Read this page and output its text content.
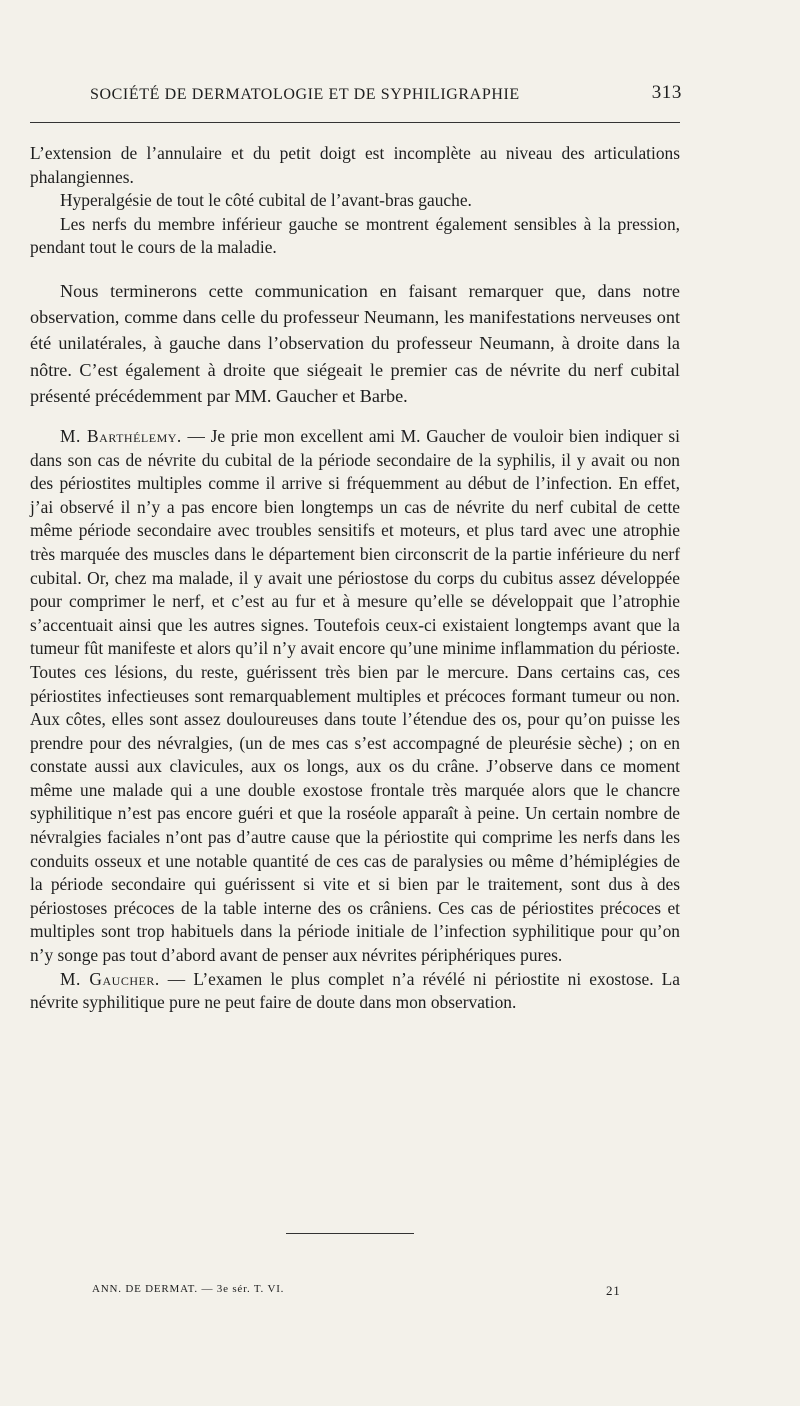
SOCIÉTÉ DE DERMATOLOGIE ET DE SYPHILIGRAPHIE	313

L’extension de l’annulaire et du petit doigt est incomplète au niveau des articulations phalangiennes.

Hyperalgésie de tout le côté cubital de l’avant-bras gauche.

Les nerfs du membre inférieur gauche se montrent également sensibles à la pression, pendant tout le cours de la maladie.

Nous terminerons cette communication en faisant remarquer que, dans notre observation, comme dans celle du professeur Neumann, les manifestations nerveuses ont été unilatérales, à gauche dans l’observation du professeur Neumann, à droite dans la nôtre. C’est également à droite que siégeait le premier cas de névrite du nerf cubital présenté précédemment par MM. Gaucher et Barbe.

M. Barthélemy. — Je prie mon excellent ami M. Gaucher de vouloir bien indiquer si dans son cas de névrite du cubital de la période secondaire de la syphilis, il y avait ou non des périostites multiples comme il arrive si fréquemment au début de l’infection. En effet, j’ai observé il n’y a pas encore bien longtemps un cas de névrite du nerf cubital de cette même période secondaire avec troubles sensitifs et moteurs, et plus tard avec une atrophie très marquée des muscles dans le département bien circonscrit de la partie inférieure du nerf cubital. Or, chez ma malade, il y avait une périostose du corps du cubitus assez développée pour comprimer le nerf, et c’est au fur et à mesure qu’elle se développait que l’atrophie s’accentuait ainsi que les autres signes. Toutefois ceux-ci existaient longtemps avant que la tumeur fût manifeste et alors qu’il n’y avait encore qu’une minime inflammation du périoste. Toutes ces lésions, du reste, guérissent très bien par le mercure. Dans certains cas, ces périostites infectieuses sont remarquablement multiples et précoces formant tumeur ou non. Aux côtes, elles sont assez douloureuses dans toute l’étendue des os, pour qu’on puisse les prendre pour des névralgies, (un de mes cas s’est accompagné de pleurésie sèche) ; on en constate aussi aux clavicules, aux os longs, aux os du crâne. J’observe dans ce moment même une malade qui a une double exostose frontale très marquée alors que le chancre syphilitique n’est pas encore guéri et que la roséole apparaît à peine. Un certain nombre de névralgies faciales n’ont pas d’autre cause que la périostite qui comprime les nerfs dans les conduits osseux et une notable quantité de ces cas de paralysies ou même d’hémiplégies de la période secondaire qui guérissent si vite et si bien par le traitement, sont dus à des périostoses précoces de la table interne des os crâniens. Ces cas de périostites précoces et multiples sont trop habituels dans la période initiale de l’infection syphilitique pour qu’on n’y songe pas tout d’abord avant de penser aux névrites périphériques pures.

M. Gaucher. — L’examen le plus complet n’a révélé ni périostite ni exostose. La névrite syphilitique pure ne peut faire de doute dans mon observation.

ANN. DE DERMAT. — 3e sér. T. VI.	21
